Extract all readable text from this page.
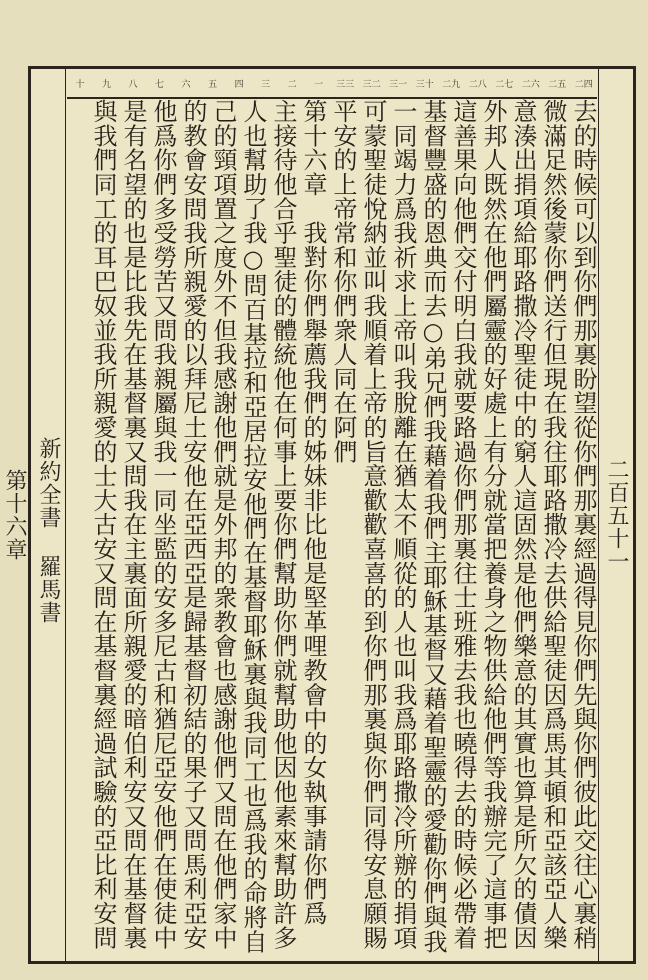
二四
二五
二六
二七
二八
二九
三十
三一
三二
三三
一
二
三
四
五
六
七
八
九
十
新約全書 羅馬書
第十六章	二百五十一
去的時候可以到你們那裏盼望從你們那裏經過得見你們先與你們彼此交往心裏稍
微滿足然後蒙你們送行但現在我往耶路撒冷去供給聖徒因爲馬其頓和亞該亞人樂
意湊出捐項給耶路撒冷聖徒中的窮人這固然是他們樂意的其實也算是所欠的債因
外邦人既然在他們屬靈的好處上有分就當把養身之物供給他們等我辦完了這事把
這善果向他們交付明白我就要路過你們那裏往士班雅去我也曉得去的時候必帶着
基督豐盛的恩典而去○弟兄們我藉着我們主耶穌基督又藉着聖靈的愛勸你們與我
一同竭力爲我祈求上帝叫我脫離在猶太不順從的人也叫我爲耶路撒冷所辦的捐項
可蒙聖徒悅納並叫我順着上帝的旨意歡歡喜喜的到你們那裏與你們同得安息願賜
平安的上帝常和你們衆人同在阿們
第十六章　我對你們舉薦我們的姊妹非比他是堅革哩教會中的女執事請你們爲
主接待他合乎聖徒的體統他在何事上要你們幫助你們就幫助他因他素來幫助許多
人也幫助了我○問百基拉和亞居拉安他們在基督耶穌裏與我同工也爲我的命將自
己的頸項置之度外不但我感謝他們就是外邦的衆教會也感謝他們又問在他們家中
的教會安問我所親愛的以拜尼土安他在亞西亞是歸基督初結的果子又問馬利亞安
他爲你們多受勞苦又問我親屬與我一同坐監的安多尼古和猶尼亞安他們在使徒中
是有名望的也是比我先在基督裏又問我在主裏面所親愛的暗伯利安又問在基督裏
與我們同工的耳巴奴並我所親愛的士大古安又問在基督裏經過試驗的亞比利安問
